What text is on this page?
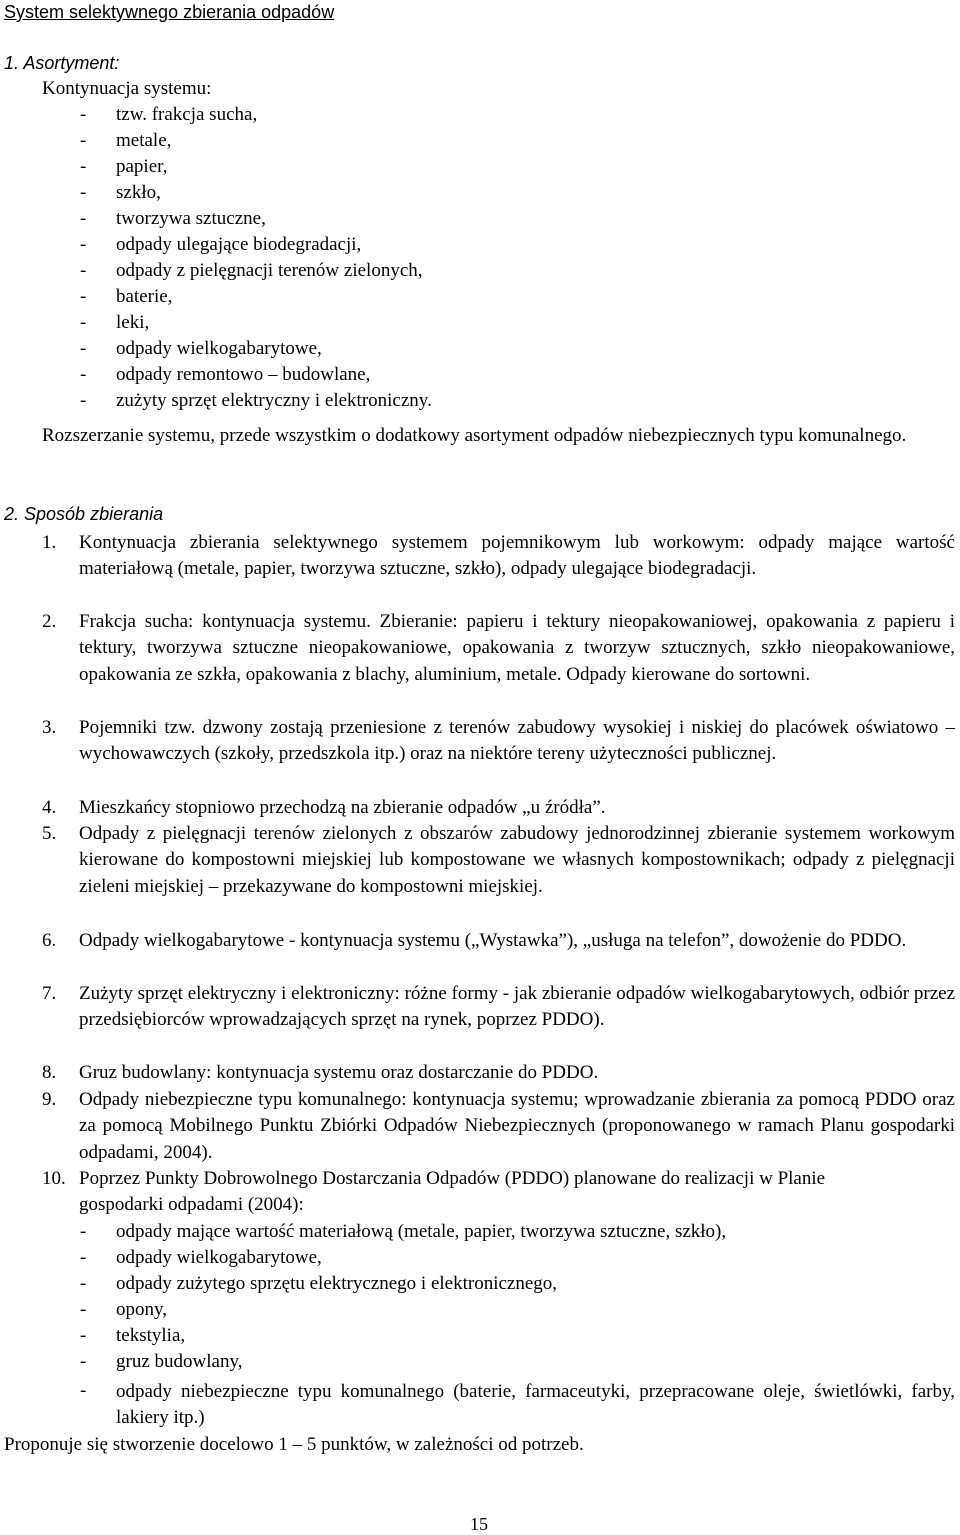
System selektywnego zbierania odpadów
1. Asortyment:
Kontynuacja systemu:
- tzw. frakcja sucha,
- metale,
- papier,
- szkło,
- tworzywa sztuczne,
- odpady ulegające biodegradacji,
- odpady z pielęgnacji terenów zielonych,
- baterie,
- leki,
- odpady wielkogabarytowe,
- odpady remontowo – budowlane,
- zużyty sprzęt elektryczny i elektroniczny.
Rozszerzanie systemu, przede wszystkim o dodatkowy asortyment odpadów niebezpiecznych typu komunalnego.
2. Sposób zbierania
1. Kontynuacja zbierania selektywnego systemem pojemnikowym lub workowym: odpady mające wartość materiałową (metale, papier, tworzywa sztuczne, szkło), odpady ulegające biodegradacji.
2. Frakcja sucha: kontynuacja systemu. Zbieranie: papieru i tektury nieopakowaniowej, opakowania z papieru i tektury, tworzywa sztuczne nieopakowaniowe, opakowania z tworzyw sztucznych, szkło nieopakowaniowe, opakowania ze szkła, opakowania z blachy, aluminium, metale. Odpady kierowane do sortowni.
3. Pojemniki tzw. dzwony zostają przeniesione z terenów zabudowy wysokiej i niskiej do placówek oświatowo – wychowawczych (szkoły, przedszkola itp.) oraz na niektóre tereny użyteczności publicznej.
4. Mieszkańcy stopniowo przechodzą na zbieranie odpadów „u źródła”.
5. Odpady z pielęgnacji terenów zielonych z obszarów zabudowy jednorodzinnej zbieranie systemem workowym kierowane do kompostowni miejskiej lub kompostowane we własnych kompostownikach; odpady z pielęgnacji zieleni miejskiej – przekazywane do kompostowni miejskiej.
6. Odpady wielkogabarytowe - kontynuacja systemu („Wystawka”), „usługa na telefon”, dowożenie do PDDO.
7. Zużyty sprzęt elektryczny i elektroniczny: różne formy - jak zbieranie odpadów wielkogabarytowych, odbiór przez przedsiębiorców wprowadzających sprzęt na rynek, poprzez PDDO).
8. Gruz budowlany: kontynuacja systemu oraz dostarczanie do PDDO.
9. Odpady niebezpieczne typu komunalnego: kontynuacja systemu; wprowadzanie zbierania za pomocą PDDO oraz za pomocą Mobilnego Punktu Zbiórki Odpadów Niebezpiecznych (proponowanego w ramach Planu gospodarki odpadami, 2004).
10. Poprzez Punkty Dobrowolnego Dostarczania Odpadów (PDDO) planowane do realizacji w Planie gospodarki odpadami (2004):
- odpady mające wartość materiałową (metale, papier, tworzywa sztuczne, szkło),
- odpady wielkogabarytowe,
- odpady zużytego sprzętu elektrycznego i elektronicznego,
- opony,
- tekstylia,
- gruz budowlany,
- odpady niebezpieczne typu komunalnego (baterie, farmaceutyki, przepracowane oleje, świetlówki, farby, lakiery itp.)
Proponuje się stworzenie docelowo 1 – 5 punktów, w zależności od potrzeb.
15
